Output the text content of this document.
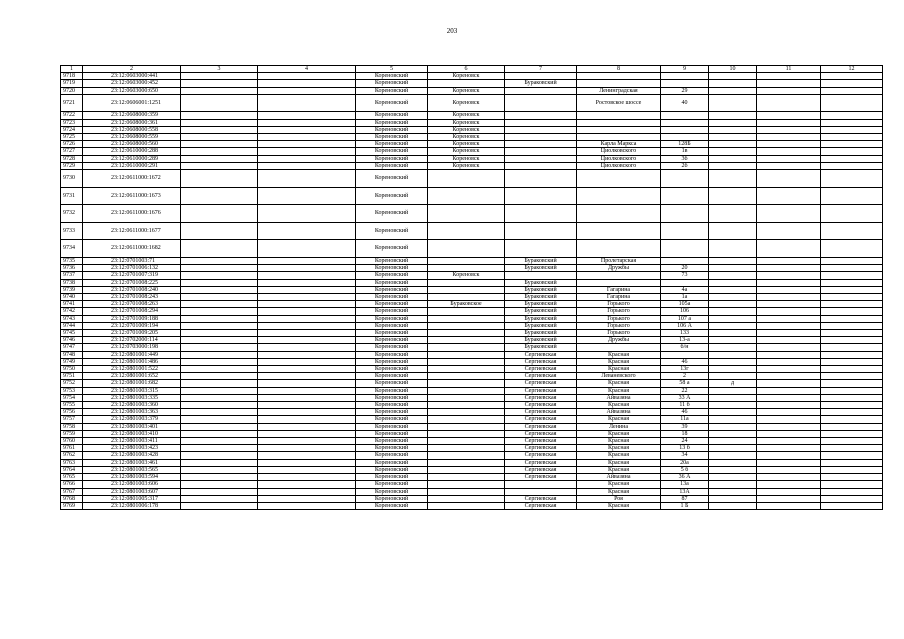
203
1	2	3	4	5	6	7	8	9	10	11	12
9718	23:12:0603000:441			Кореновский	Кореновск						
9719	23:12:0603000:452			Кореновский		Бураковский					
9720	23:12:0603000:650			Кореновский	Кореновск		Ленинградская	29			
9721	23:12:0606001:1251			Кореновский	Кореновск		Ростовское шоссе	40			
9722	23:12:0608000:359			Кореновский	Кореновск						
9723	23:12:0608000:361			Кореновский	Кореновск						
9724	23:12:0608000:558			Кореновский	Кореновск						
9725	23:12:0608000:559			Кореновский	Кореновск						
9726	23:12:0608000:560			Кореновский	Кореновск		Карла Маркса	128Б			
9727	23:12:0610000:288			Кореновский	Кореновск		Циолковского	1в			
9728	23:12:0610000:289			Кореновский	Кореновск		Циолковского	3б			
9729	23:12:0610000:291			Кореновский	Кореновск		Циолковского	2б			
9730	23:12:0611000:1672			Кореновский							
9731	23:12:0611000:1673			Кореновский							
9732	23:12:0611000:1676			Кореновский							
9733	23:12:0611000:1677			Кореновский							
9734	23:12:0611000:1682			Кореновский							
9735	23:12:0701003:71			Кореновский		Бураковский	Пролетарская				
9736	23:12:0701006:132			Кореновский		Бураковский	Дружбы	20			
9737	23:12:0701007:319			Кореновский	Кореновск			73			
9738	23:12:0701008:225			Кореновский		Бураковский					
9739	23:12:0701008:240			Кореновский		Бураковский	Гагарина	4а			
9740	23:12:0701008:243			Кореновский		Бураковский	Гагарина	1а			
9741	23:12:0701008:263			Кореновский	Бураковское	Бураковский	Горького	105а			
9742	23:12:0701008:294			Кореновский		Бураковский	Горького	106			
9743	23:12:0701009:188			Кореновский		Бураковский	Горького	107 а			
9744	23:12:0701009:194			Кореновский		Бураковский	Горького	106 А			
9745	23:12:0701009:205			Кореновский		Бураковский	Горького	133			
9746	23:12:0702000:114			Кореновский		Бураковский	Дружбы	13-а			
9747	23:12:0703000:198			Кореновский		Бураковский		б/н			
9748	23:12:0801001:449			Кореновский		Сергиевская	Красная				
9749	23:12:0801001:486			Кореновский		Сергиевская	Красная	46			
9750	23:12:0801001:522			Кореновский		Сергиевская	Красная	13г			
9751	23:12:0801001:652			Кореновский		Сергиевская	Леваневского	2			
9752	23:12:0801001:682			Кореновский		Сергиевская	Красная	58 а	д		
9753	23:12:0801003:315			Кореновский		Сергиевская	Красная	22			
9754	23:12:0801003:335			Кореновский		Сергиевская	Айвазяна	33 А			
9755	23:12:0801003:360			Кореновский		Сергиевская	Красная	11 б			
9756	23:12:0801003:363			Кореновский		Сергиевская	Айвазяна	46			
9757	23:12:0801003:379			Кореновский		Сергиевская	Красная	11а			
9758	23:12:0801003:401			Кореновский		Сергиевская	Ленина	39			
9759	23:12:0801003:410			Кореновский		Сергиевская	Красная	18			
9760	23:12:0801003:411			Кореновский		Сергиевская	Красная	24			
9761	23:12:0801003:423			Кореновский		Сергиевская	Красная	13 б			
9762	23:12:0801003:428			Кореновский		Сергиевская	Красная	34			
9763	23:12:0801003:461			Кореновский		Сергиевская	Красная	20а			
9764	23:12:0801003:565			Кореновский		Сергиевская	Красная	5 б			
9765	23:12:0801003:594			Кореновский		Сергиевская	Айвазяна	36 А			
9766	23:12:0801003:606			Кореновский			Красная	13а			
9767	23:12:0801003:607			Кореновский			Красная	13А			
9768	23:12:0801005:317			Кореновский		Сергиевская	Роя	87			
9769	23:12:0801006:178			Кореновский		Сергиевская	Красная	1 Б			
